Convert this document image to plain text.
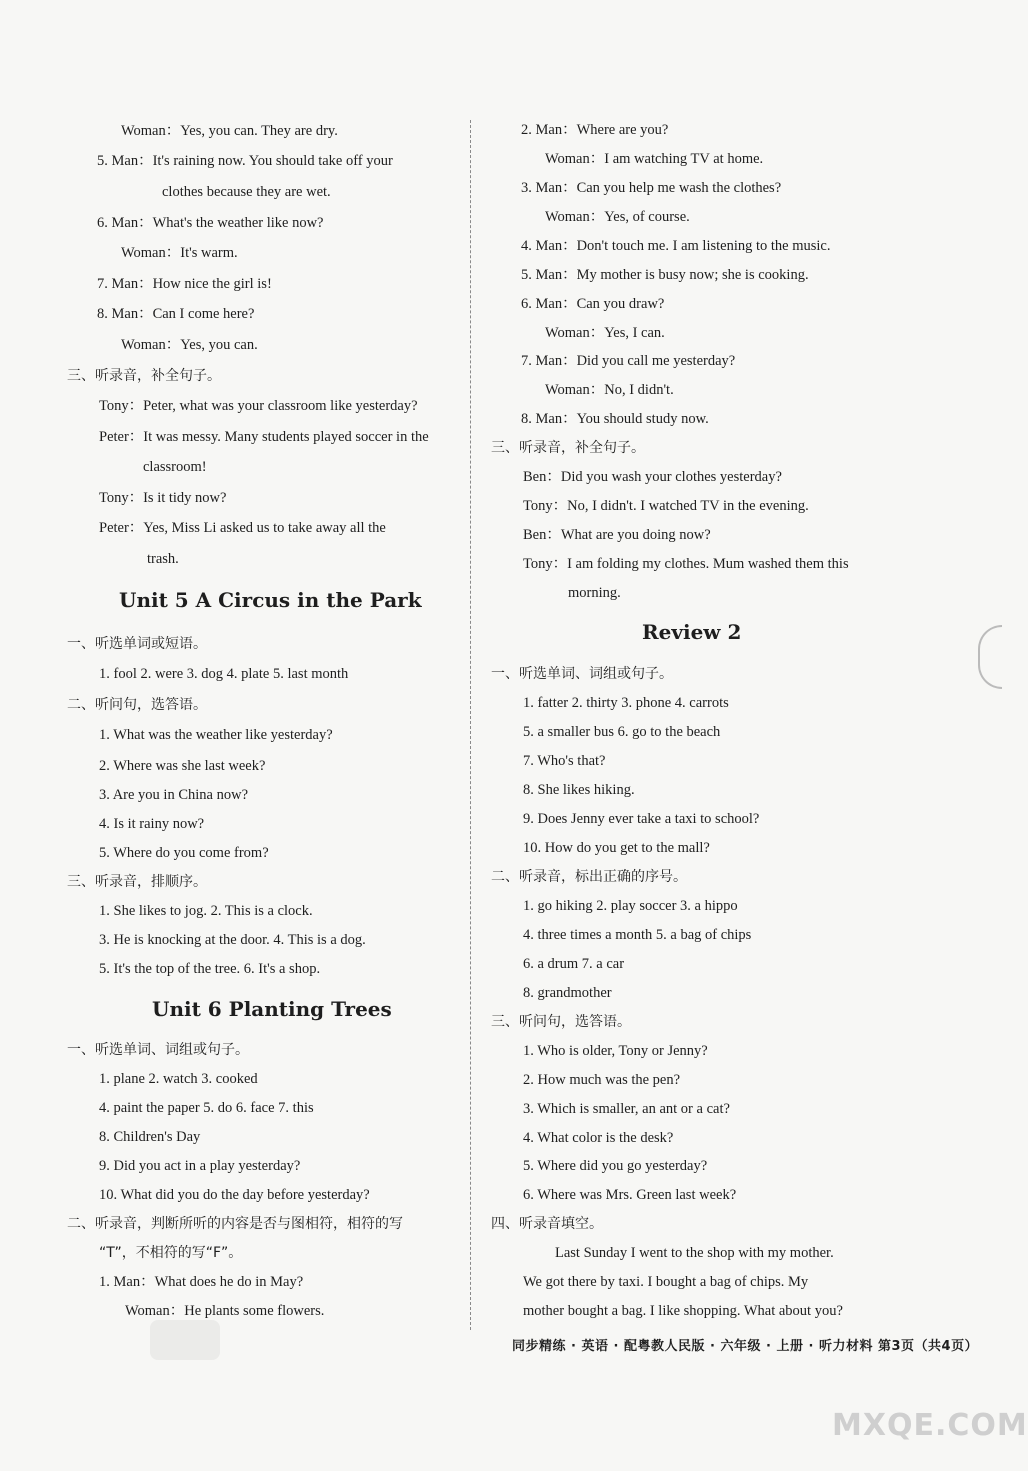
Woman：Yes, you can. They are dry.
5. Man：It's raining now. You should take off your
clothes because they are wet.
6. Man：What's the weather like now?
Woman：It's warm.
7. Man：How nice the girl is!
8. Man：Can I come here?
Woman：Yes, you can.
三、听录音，补全句子。
Tony：Peter, what was your classroom like yesterday?
Peter：It was messy. Many students played soccer in the
classroom!
Tony：Is it tidy now?
Peter：Yes, Miss Li asked us to take away all the
trash.
Unit 5 A Circus in the Park
一、听选单词或短语。
1. fool 2. were 3. dog 4. plate 5. last month
二、听问句，选答语。
1. What was the weather like yesterday?
2. Where was she last week?
3. Are you in China now?
4. Is it rainy now?
5. Where do you come from?
三、听录音，排顺序。
1. She likes to jog. 2. This is a clock.
3. He is knocking at the door. 4. This is a dog.
5. It's the top of the tree. 6. It's a shop.
Unit 6 Planting Trees
一、听选单词、词组或句子。
1. plane 2. watch 3. cooked
4. paint the paper 5. do 6. face 7. this
8. Children's Day
9. Did you act in a play yesterday?
10. What did you do the day before yesterday?
二、听录音，判断所听的内容是否与图相符，相符的写
“T”，不相符的写“F”。
1. Man：What does he do in May?
Woman：He plants some flowers.
2. Man：Where are you?
Woman：I am watching TV at home.
3. Man：Can you help me wash the clothes?
Woman：Yes, of course.
4. Man：Don't touch me. I am listening to the music.
5. Man：My mother is busy now; she is cooking.
6. Man：Can you draw?
Woman：Yes, I can.
7. Man：Did you call me yesterday?
Woman：No, I didn't.
8. Man：You should study now.
三、听录音，补全句子。
Ben：Did you wash your clothes yesterday?
Tony：No, I didn't. I watched TV in the evening.
Ben：What are you doing now?
Tony：I am folding my clothes. Mum washed them this
morning.
Review 2
一、听选单词、词组或句子。
1. fatter 2. thirty 3. phone 4. carrots
5. a smaller bus 6. go to the beach
7. Who's that?
8. She likes hiking.
9. Does Jenny ever take a taxi to school?
10. How do you get to the mall?
二、听录音，标出正确的序号。
1. go hiking 2. play soccer 3. a hippo
4. three times a month 5. a bag of chips
6. a drum 7. a car
8. grandmother
三、听问句，选答语。
1. Who is older, Tony or Jenny?
2. How much was the pen?
3. Which is smaller, an ant or a cat?
4. What color is the desk?
5. Where did you go yesterday?
6. Where was Mrs. Green last week?
四、听录音填空。
Last Sunday I went to the shop with my mother.
We got there by taxi. I bought a bag of chips. My
mother bought a bag. I like shopping. What about you?
同步精练 · 英语 · 配粤教人民版 · 六年级 · 上册 · 听力材料 第3页（共4页）
MXQE.COM
